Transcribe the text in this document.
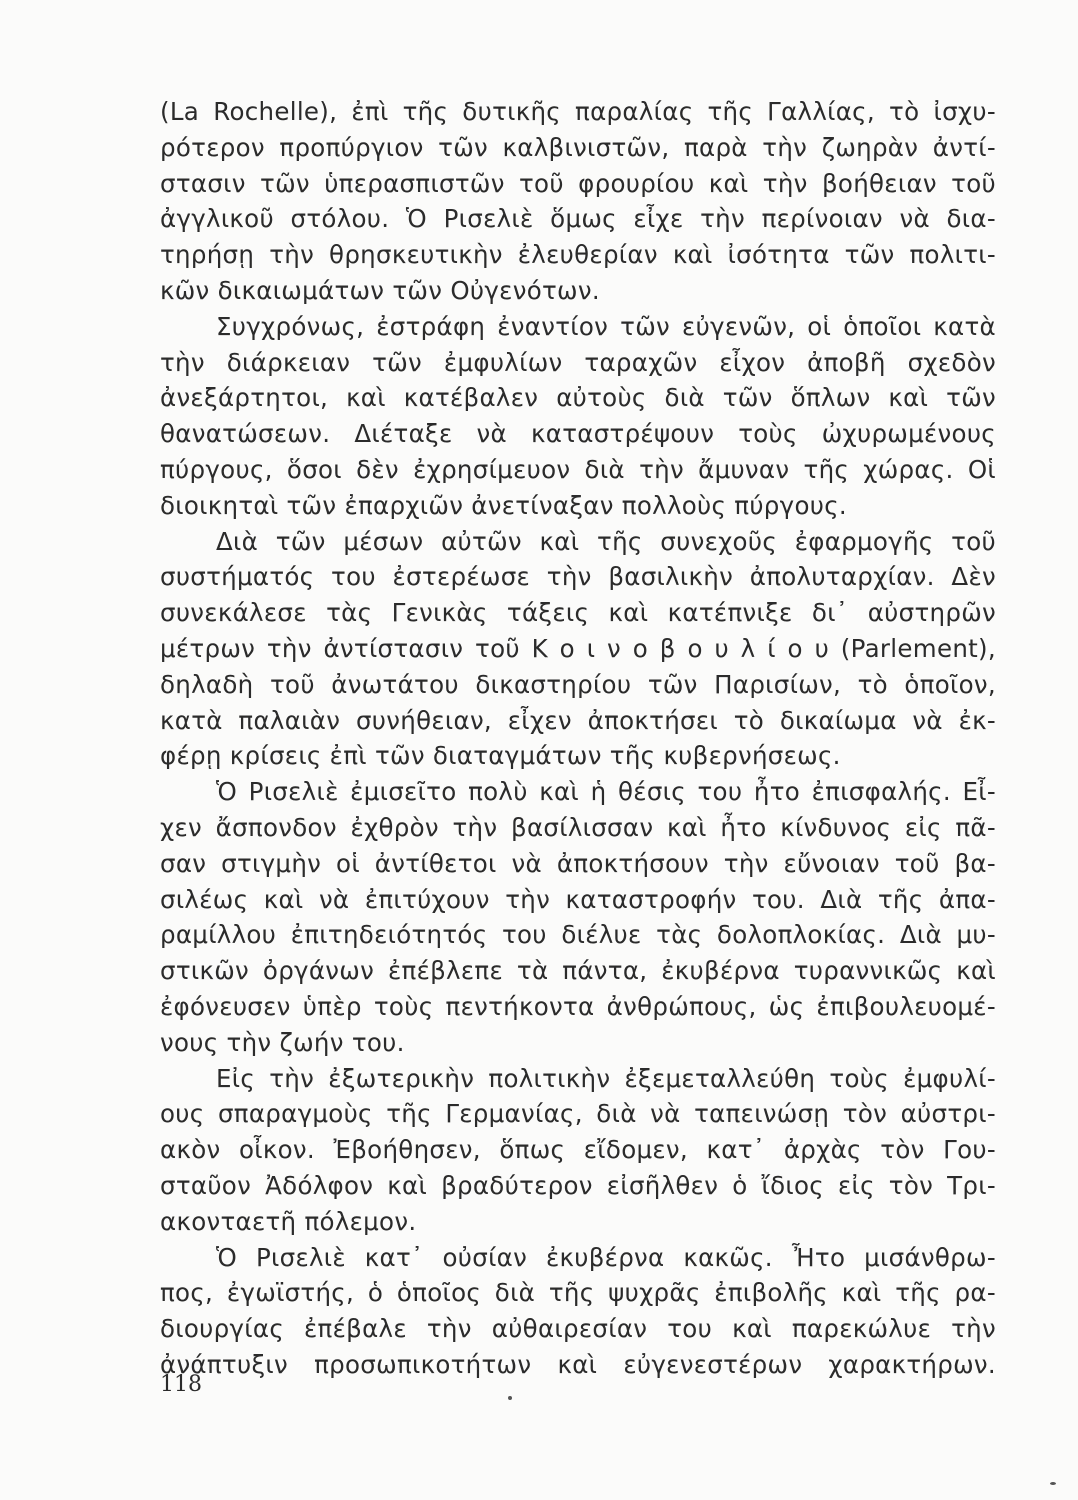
(La Rochelle), ἐπὶ τῆς δυτικῆς παραλίας τῆς Γαλλίας, τὸ ἰσχυ-
ρότερον προπύργιον τῶν καλβινιστῶν, παρὰ τὴν ζωηρὰν ἀντί-
στασιν τῶν ὑπερασπιστῶν τοῦ φρουρίου καὶ τὴν βοήθειαν τοῦ
ἀγγλικοῦ στόλου. Ὁ Ρισελιὲ ὅμως εἶχε τὴν περίνοιαν νὰ δια-
τηρήσῃ τὴν θρησκευτικὴν ἐλευθερίαν καὶ ἰσότητα τῶν πολιτι-
κῶν δικαιωμάτων τῶν Οὐγενότων.
Συγχρόνως, ἐστράφη ἐναντίον τῶν εὐγενῶν, οἱ ὁποῖοι κατὰ
τὴν διάρκειαν τῶν ἐμφυλίων ταραχῶν εἶχον ἀποβῆ σχεδὸν
ἀνεξάρτητοι, καὶ κατέβαλεν αὐτοὺς διὰ τῶν ὅπλων καὶ τῶν
θανατώσεων. Διέταξε νὰ καταστρέψουν τοὺς ὠχυρωμένους
πύργους, ὅσοι δὲν ἐχρησίμευον διὰ τὴν ἄμυναν τῆς χώρας. Οἱ
διοικηταὶ τῶν ἐπαρχιῶν ἀνετίναξαν πολλοὺς πύργους.
Διὰ τῶν μέσων αὐτῶν καὶ τῆς συνεχοῦς ἐφαρμογῆς τοῦ
συστήματός του ἐστερέωσε τὴν βασιλικὴν ἀπολυταρχίαν. Δὲν
συνεκάλεσε τὰς Γενικὰς τάξεις καὶ κατέπνιξε δι᾽ αὐστηρῶν
μέτρων τὴν ἀντίστασιν τοῦ Κ ο ι ν ο β ο υ λ ί ο υ (Parlement),
δηλαδὴ τοῦ ἀνωτάτου δικαστηρίου τῶν Παρισίων, τὸ ὁποῖον,
κατὰ παλαιὰν συνήθειαν, εἶχεν ἀποκτήσει τὸ δικαίωμα νὰ ἐκ-
φέρῃ κρίσεις ἐπὶ τῶν διαταγμάτων τῆς κυβερνήσεως.
Ὁ Ρισελιὲ ἐμισεῖτο πολὺ καὶ ἡ θέσις του ἦτο ἐπισφαλής. Εἶ-
χεν ἄσπονδον ἐχθρὸν τὴν βασίλισσαν καὶ ἦτο κίνδυνος εἰς πᾶ-
σαν στιγμὴν οἱ ἀντίθετοι νὰ ἀποκτήσουν τὴν εὔνοιαν τοῦ βα-
σιλέως καὶ νὰ ἐπιτύχουν τὴν καταστροφήν του. Διὰ τῆς ἀπα-
ραμίλλου ἐπιτηδειότητός του διέλυε τὰς δολοπλοκίας. Διὰ μυ-
στικῶν ὀργάνων ἐπέβλεπε τὰ πάντα, ἐκυβέρνα τυραννικῶς καὶ
ἐφόνευσεν ὑπὲρ τοὺς πεντήκοντα ἀνθρώπους, ὡς ἐπιβουλευομέ-
νους τὴν ζωήν του.
Εἰς τὴν ἐξωτερικὴν πολιτικὴν ἐξεμεταλλεύθη τοὺς ἐμφυλί-
ους σπαραγμοὺς τῆς Γερμανίας, διὰ νὰ ταπεινώσῃ τὸν αὐστρι-
ακὸν οἶκον. Ἐβοήθησεν, ὅπως εἴδομεν, κατ᾽ ἀρχὰς τὸν Γου-
σταῦον Ἀδόλφον καὶ βραδύτερον εἰσῆλθεν ὁ ἴδιος εἰς τὸν Τρι-
ακονταετῆ πόλεμον.
Ὁ Ρισελιὲ κατ᾽ οὐσίαν ἐκυβέρνα κακῶς. Ἦτο μισάνθρω-
πος, ἐγωϊστής, ὁ ὁποῖος διὰ τῆς ψυχρᾶς ἐπιβολῆς καὶ τῆς ρα-
διουργίας ἐπέβαλε τὴν αὐθαιρεσίαν του καὶ παρεκώλυε τὴν
ἀνάπτυξιν προσωπικοτήτων καὶ εὐγενεστέρων χαρακτήρων.
118
